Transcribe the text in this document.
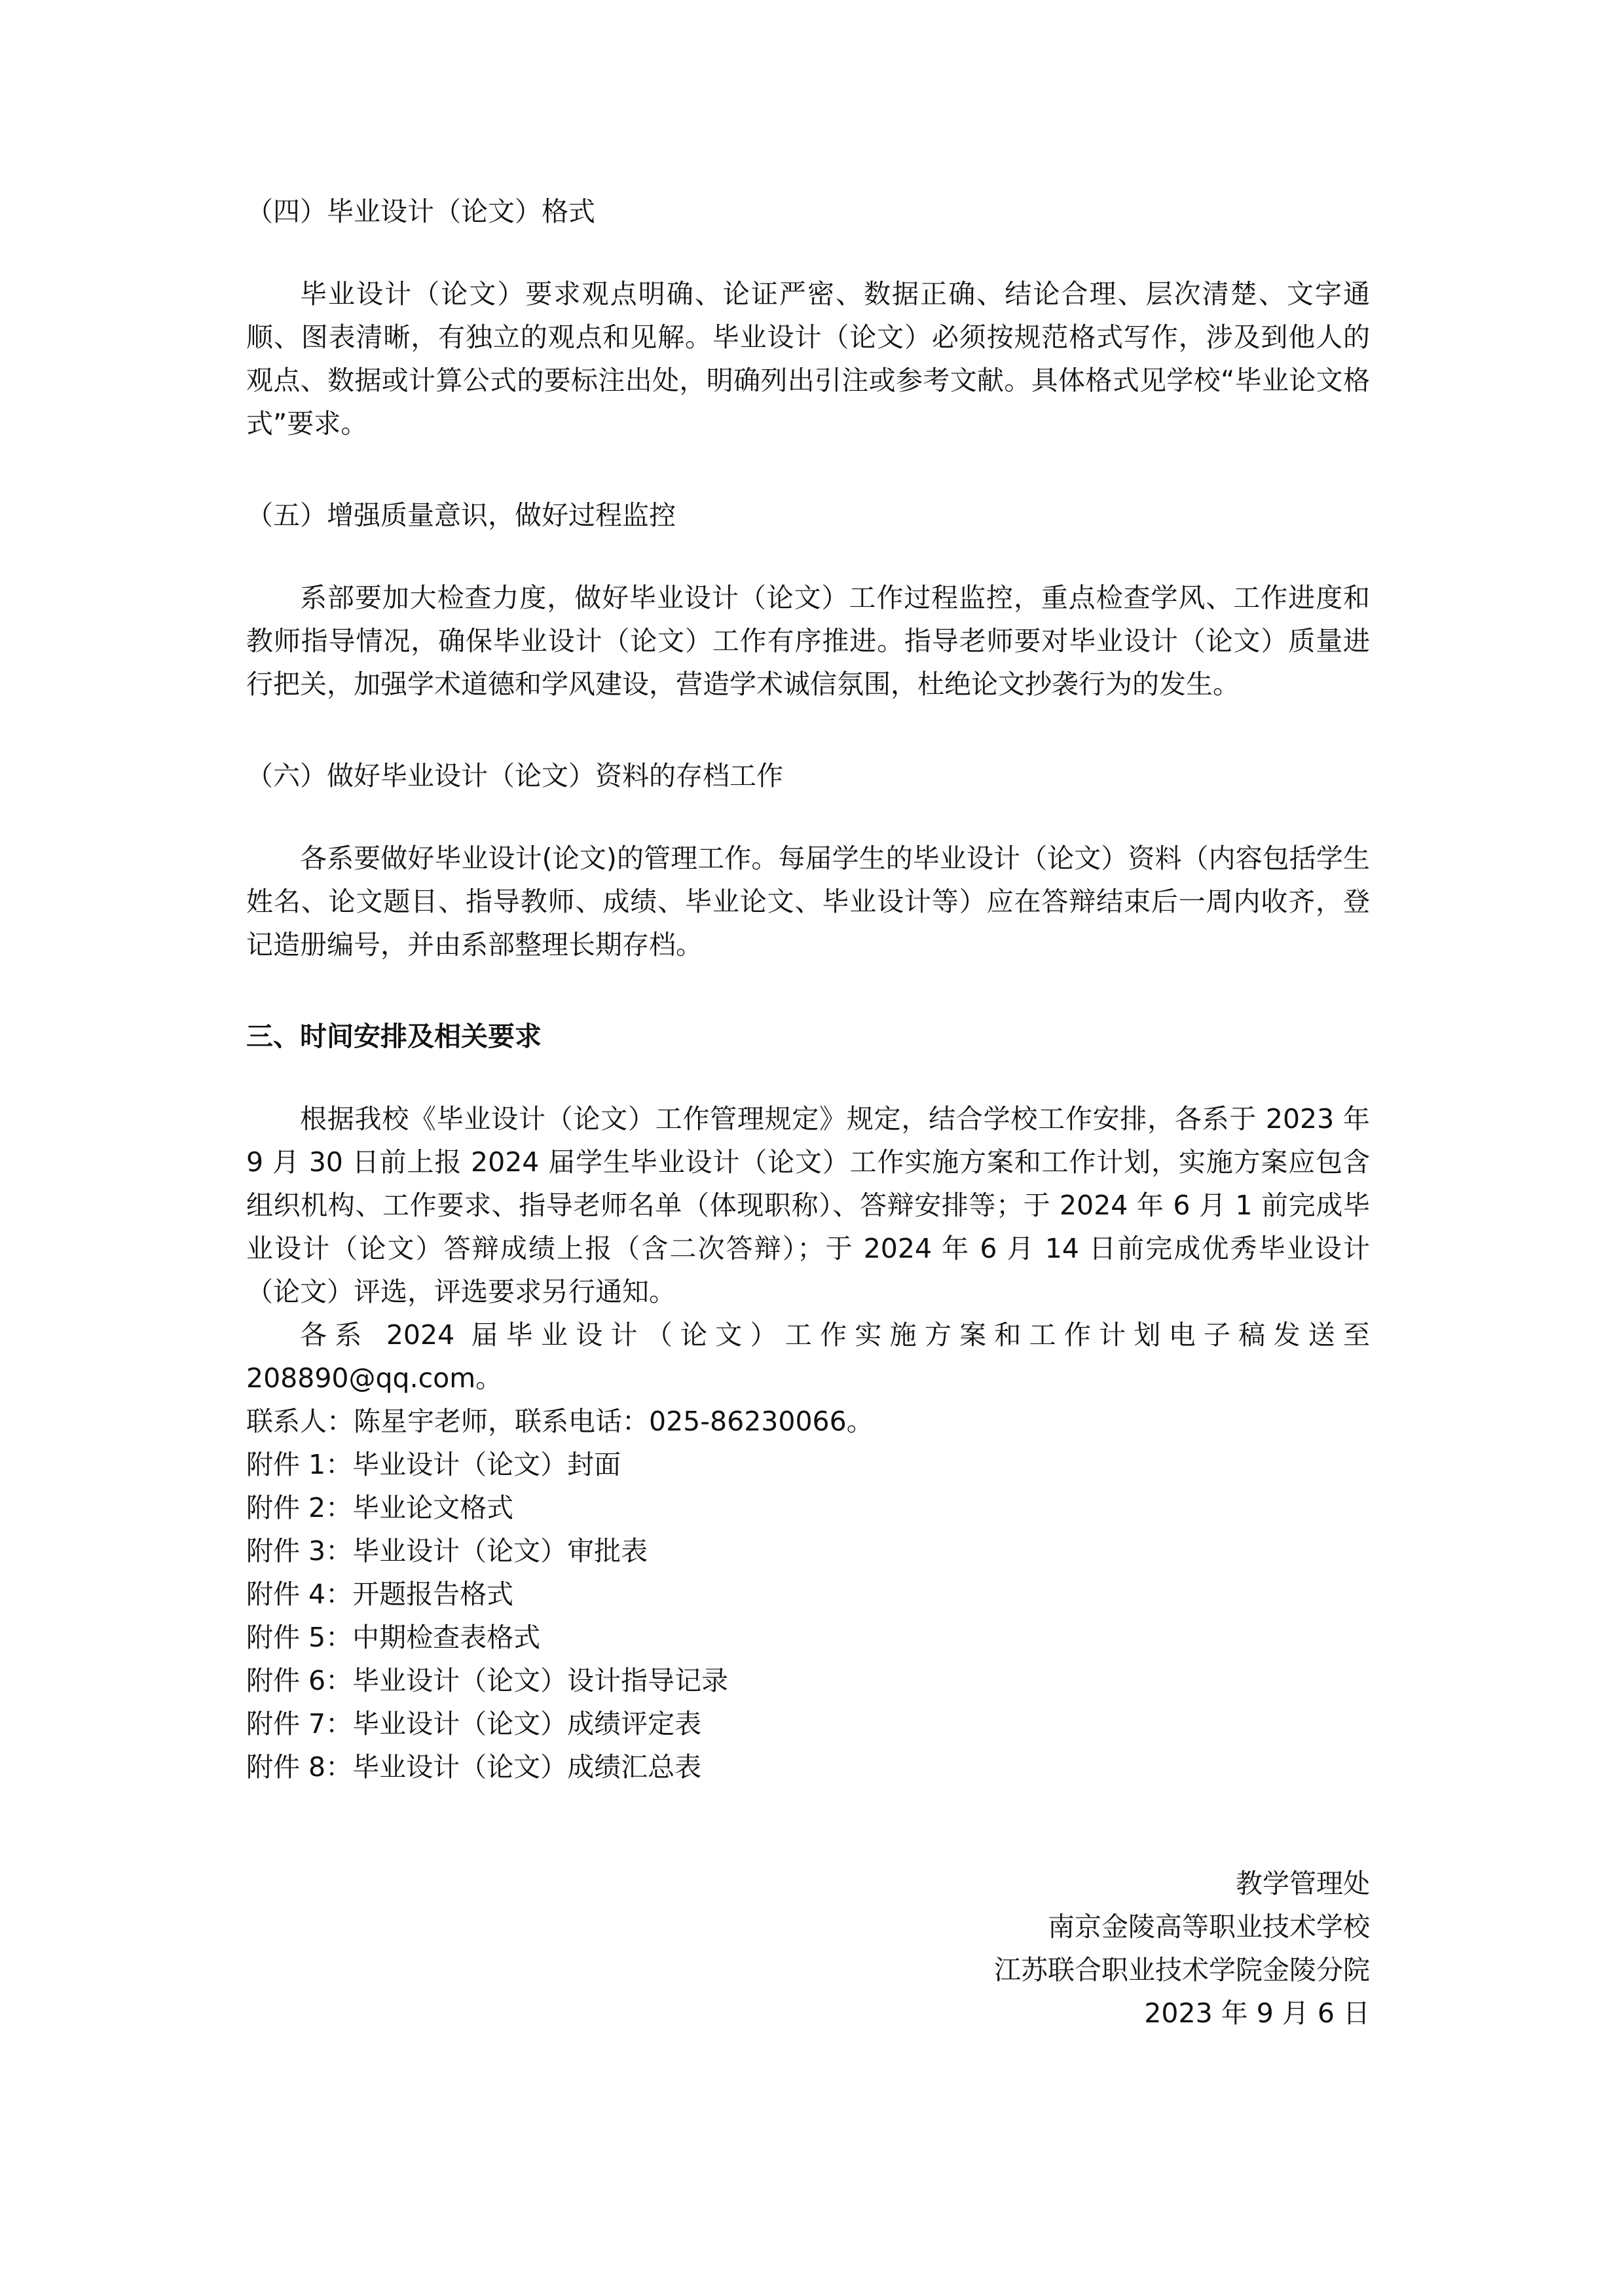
（四）毕业设计（论文）格式

毕业设计（论文）要求观点明确、论证严密、数据正确、结论合理、层次清楚、文字通顺、图表清晰，有独立的观点和见解。毕业设计（论文）必须按规范格式写作，涉及到他人的观点、数据或计算公式的要标注出处，明确列出引注或参考文献。具体格式见学校“毕业论文格式”要求。

（五）增强质量意识，做好过程监控

系部要加大检查力度，做好毕业设计（论文）工作过程监控，重点检查学风、工作进度和教师指导情况，确保毕业设计（论文）工作有序推进。指导老师要对毕业设计（论文）质量进行把关，加强学术道德和学风建设，营造学术诚信氛围，杜绝论文抄袭行为的发生。

（六）做好毕业设计（论文）资料的存档工作

各系要做好毕业设计(论文)的管理工作。每届学生的毕业设计（论文）资料（内容包括学生姓名、论文题目、指导教师、成绩、毕业论文、毕业设计等）应在答辩结束后一周内收齐，登记造册编号，并由系部整理长期存档。

三、时间安排及相关要求

根据我校《毕业设计（论文）工作管理规定》规定，结合学校工作安排，各系于 2023 年 9 月 30 日前上报 2024 届学生毕业设计（论文）工作实施方案和工作计划，实施方案应包含组织机构、工作要求、指导老师名单（体现职称）、答辩安排等；于 2024 年 6 月 1 前完成毕业设计（论文）答辩成绩上报（含二次答辩）；于 2024 年 6 月 14 日前完成优秀毕业设计（论文）评选，评选要求另行通知。

各系 2024 届毕业设计（论文）工作实施方案和工作计划电子稿发送至 208890@qq.com。

联系人：陈星宇老师，联系电话：025-86230066。

附件 1：毕业设计（论文）封面
附件 2：毕业论文格式
附件 3：毕业设计（论文）审批表
附件 4：开题报告格式
附件 5：中期检查表格式
附件 6：毕业设计（论文）设计指导记录
附件 7：毕业设计（论文）成绩评定表
附件 8：毕业设计（论文）成绩汇总表
教学管理处
南京金陵高等职业技术学校
江苏联合职业技术学院金陵分院
2023 年 9 月 6 日
